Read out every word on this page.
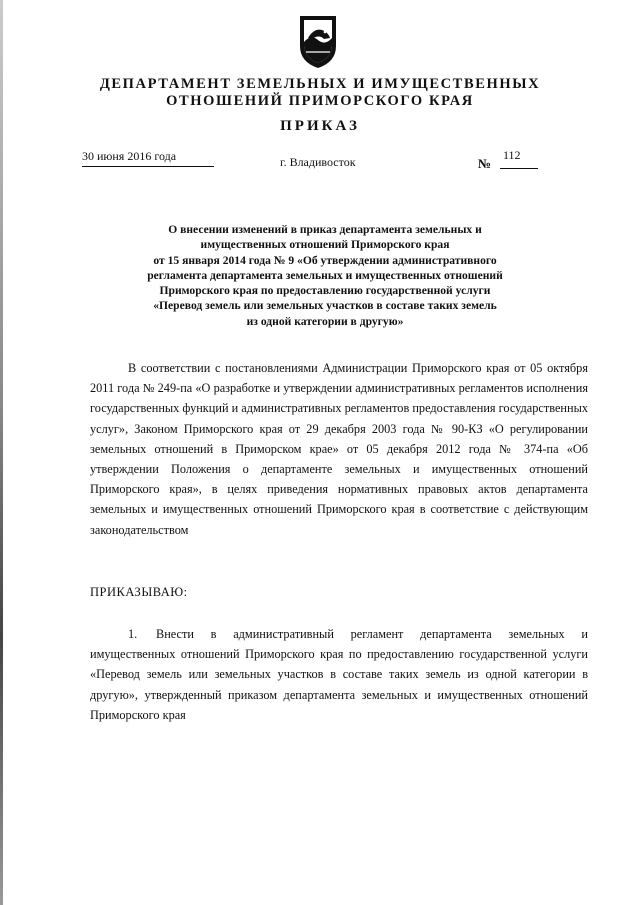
ДЕПАРТАМЕНТ ЗЕМЕЛЬНЫХ И ИМУЩЕСТВЕННЫХ
ОТНОШЕНИЙ ПРИМОРСКОГО КРАЯ
ПРИКАЗ
30 июня 2016 года	г. Владивосток	№
112
О внесении изменений в приказ департамента земельных и
имущественных отношений Приморского края
от 15 января 2014 года № 9 «Об утверждении административного
регламента департамента земельных и имущественных отношений
Приморского края по предоставлению государственной услуги
«Перевод земель или земельных участков в составе таких земель
из одной категории в другую»

В соответствии с постановлениями Администрации Приморского края от 05 октября 2011 года № 249-па «О разработке и утверждении административных регламентов исполнения государственных функций и административных регламентов предоставления государственных услуг», Законом Приморского края от 29 декабря 2003 года № 90-КЗ «О регулировании земельных отношений в Приморском крае» от 05 декабря 2012 года № 374-па «Об утверждении Положения о департаменте земельных и имущественных отношений Приморского края», в целях приведения нормативных правовых актов департамента земельных и имущественных отношений Приморского края в соответствие с действующим законодательством

ПРИКАЗЫВАЮ:

1. Внести в административный регламент департамента земельных и имущественных отношений Приморского края по предоставлению государственной услуги «Перевод земель или земельных участков в составе таких земель из одной категории в другую», утвержденный приказом департамента земельных и имущественных отношений Приморского края
